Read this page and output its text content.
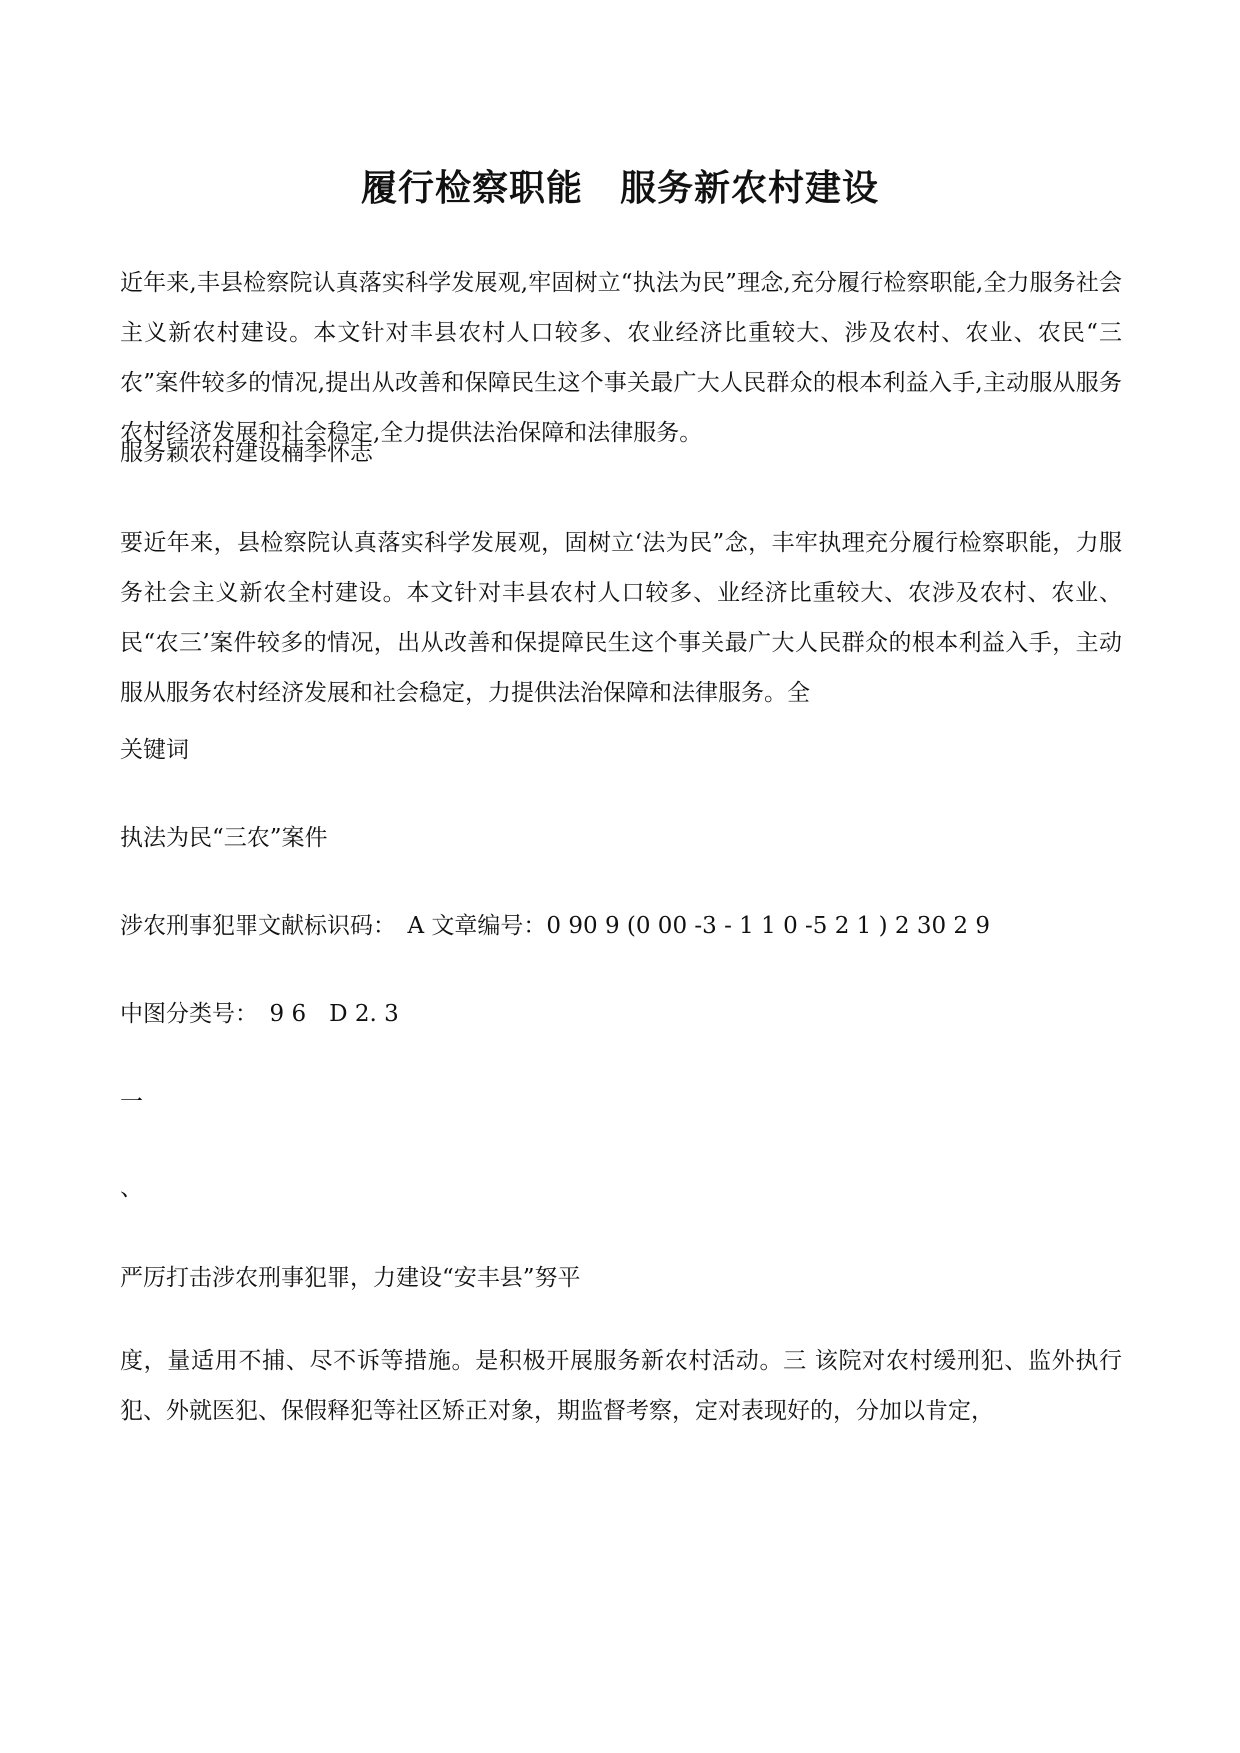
履行检察职能　服务新农村建设
近年来,丰县检察院认真落实科学发展观,牢固树立“执法为民”理念,充分履行检察职能,全力服务社会主义新农村建设。本文针对丰县农村人口较多、农业经济比重较大、涉及农村、农业、农民“三农”案件较多的情况,提出从改善和保障民生这个事关最广大人民群众的根本利益入手,主动服从服务农村经济发展和社会稳定,全力提供法治保障和法律服务。
服务颖农村建设楠李怀志
要近年来，县检察院认真落实科学发展观，固树立‘法为民”念，丰牢执理充分履行检察职能，力服务社会主义新农全村建设。本文针对丰县农村人口较多、业经济比重较大、农涉及农村、农业、民“农三’案件较多的情况，出从改善和保提障民生这个事关最广大人民群众的根本利益入手，主动服从服务农村经济发展和社会稳定，力提供法治保障和法律服务。全
关键词
执法为民“三农”案件
涉农刑事犯罪文献标识码：　A 文章编号：0 90 9 (0 00 -3 - 1 1 0 -5 2 1 ) 2 30 2 9
中图分类号：　9 6　D 2. 3
一
、
严厉打击涉农刑事犯罪，力建设“安丰县”努平
度，量适用不捕、尽不诉等措施。是积极开展服务新农村活动。三 该院对农村缓刑犯、监外执行犯、外就医犯、保假释犯等社区矫正对象，期监督考察，定对表现好的，分加以肯定，
